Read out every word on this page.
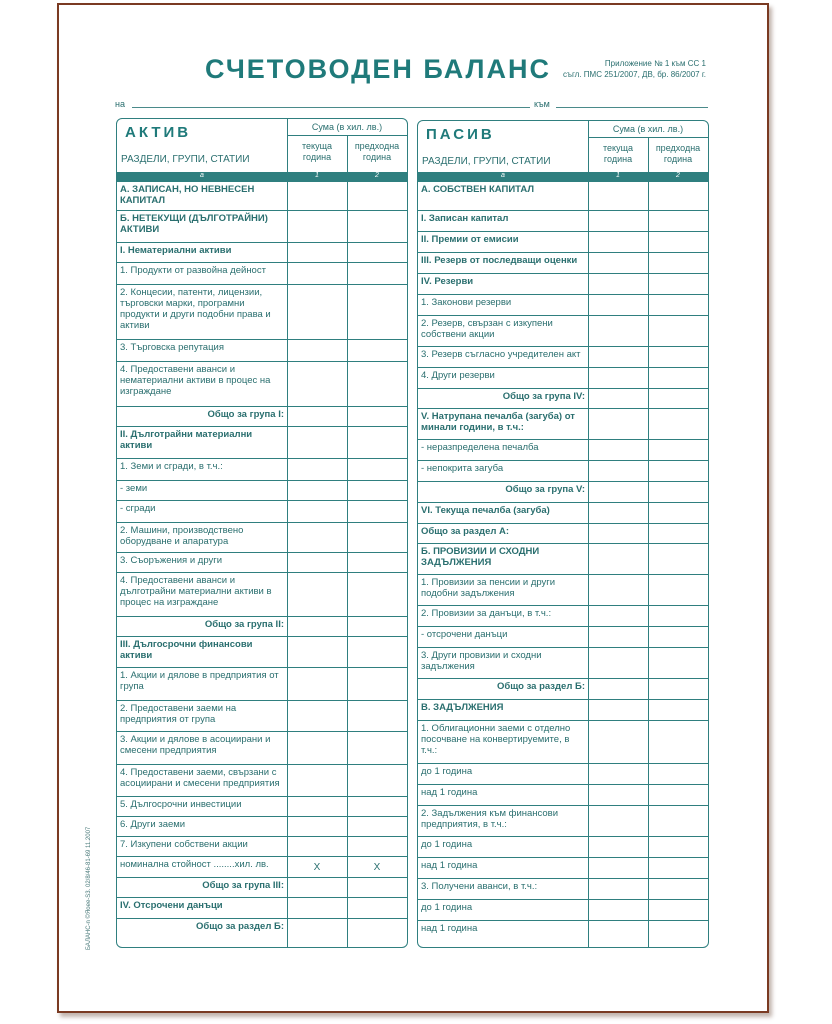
СЧЕТОВОДЕН БАЛАНС	Приложение № 1 към СС 1
съгл. ПМС 251/2007, ДВ, бр. 86/2007 г.
на	към
БАЛАНС-n ©Яoee-S3. 02/8/46-81-69 11.2007
АКТИВ
РАЗДЕЛИ, ГРУПИ, СТАТИИ
Сума (в хил. лв.)
текуща година
предходна година
а	1	2
А. ЗАПИСАН, НО НЕВНЕСЕН КАПИТАЛ
Б. НЕТЕКУЩИ (ДЪЛГОТРАЙНИ) АКТИВИ
I. Нематериални активи
1. Продукти от развойна дейност
2. Концесии, патенти, лицензии, търговски марки, програмни продукти и други подобни права и активи
3. Търговска репутация
4. Предоставени аванси и нематериални активи в процес на изграждане
Общо за група I:
II. Дълготрайни материални активи
1. Земи и сгради, в т.ч.:
- земи
- сгради
2. Машини, производствено оборудване и апаратура
3. Съоръжения и други
4. Предоставени аванси и дълготрайни материални активи в процес на изграждане
Общо за група II:
III. Дългосрочни финансови активи
1. Акции и дялове в предприятия от група
2. Предоставени заеми на предприятия от група
3. Акции и дялове в асоциирани и смесени предприятия
4. Предоставени заеми, свързани с асоциирани и смесени предприятия
5. Дългосрочни инвестиции
6. Други заеми
7. Изкупени собствени акции
номинална стойност ........хил. лв.	X	X
Общо за група III:
IV. Отсрочени данъци
Общо за раздел Б:
ПАСИВ
РАЗДЕЛИ, ГРУПИ, СТАТИИ
Сума (в хил. лв.)
текуща година
предходна година
а	1	2
А. СОБСТВЕН КАПИТАЛ
I. Записан капитал
II. Премии от емисии
III. Резерв от последващи оценки
IV. Резерви
1. Законови резерви
2. Резерв, свързан с изкупени собствени акции
3. Резерв съгласно учредителен акт
4. Други резерви
Общо за група IV:
V. Натрупана печалба (загуба) от минали години, в т.ч.:
- неразпределена печалба
- непокрита загуба
Общо за група V:
VI. Текуща печалба (загуба)
Общо за раздел А:
Б. ПРОВИЗИИ И СХОДНИ ЗАДЪЛЖЕНИЯ
1. Провизии за пенсии и други подобни задължения
2. Провизии за данъци, в т.ч.:
- отсрочени данъци
3. Други провизии и сходни задължения
Общо за раздел Б:
В. ЗАДЪЛЖЕНИЯ
1. Облигационни заеми с отделно посочване на конвертируемите, в т.ч.:
до 1 година
над 1 година
2. Задължения към финансови предприятия, в т.ч.:
до 1 година
над 1 година
3. Получени аванси, в т.ч.:
до 1 година
над 1 година
